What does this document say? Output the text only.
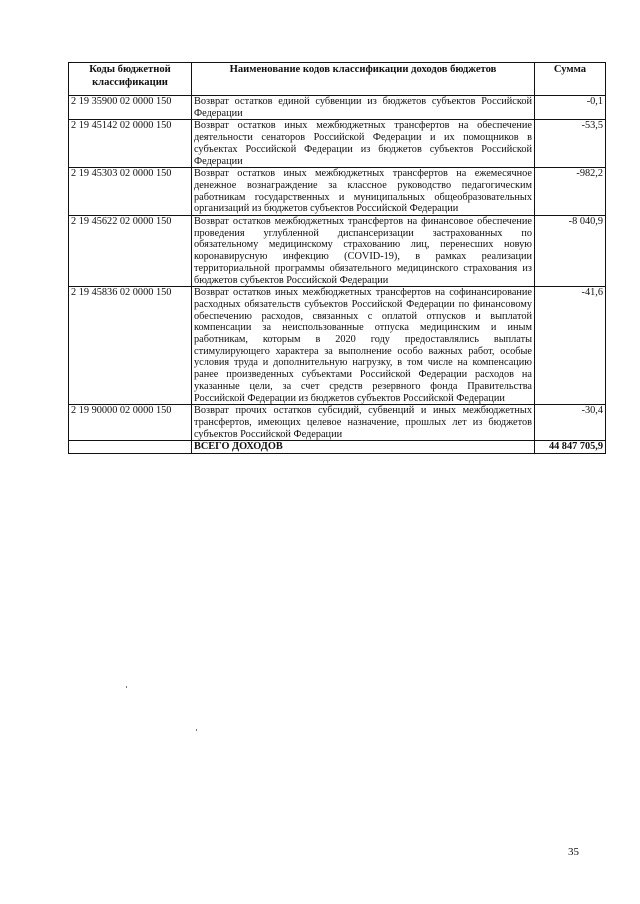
Коды бюджетной классификации	Наименование кодов классификации доходов бюджетов	Сумма
2 19 35900 02 0000 150	Возврат остатков единой субвенции из бюджетов субъектов Российской Федерации	-0,1
2 19 45142 02 0000 150	Возврат остатков иных межбюджетных трансфертов на обеспечение деятельности сенаторов Российской Федерации и их помощников в субъектах Российской Федерации из бюджетов субъектов Российской Федерации	-53,5
2 19 45303 02 0000 150	Возврат остатков иных межбюджетных трансфертов на ежемесячное денежное вознаграждение за классное руководство педагогическим работникам государственных и муниципальных общеобразовательных организаций из бюджетов субъектов Российской Федерации	-982,2
2 19 45622 02 0000 150	Возврат остатков межбюджетных трансфертов на финансовое обеспечение проведения углубленной диспансеризации застрахованных по обязательному медицинскому страхованию лиц, перенесших новую коронавирусную инфекцию (COVID-19), в рамках реализации территориальной программы обязательного медицинского страхования из бюджетов субъектов Российской Федерации	-8 040,9
2 19 45836 02 0000 150	Возврат остатков иных межбюджетных трансфертов на софинансирование расходных обязательств субъектов Российской Федерации по финансовому обеспечению расходов, связанных с оплатой отпусков и выплатой компенсации за неиспользованные отпуска медицинским и иным работникам, которым в 2020 году предоставлялись выплаты стимулирующего характера за выполнение особо важных работ, особые условия труда и дополнительную нагрузку, в том числе на компенсацию ранее произведенных субъектами Российской Федерации расходов на указанные цели, за счет средств резервного фонда Правительства Российской Федерации из бюджетов субъектов Российской Федерации	-41,6
2 19 90000 02 0000 150	Возврат прочих остатков субсидий, субвенций и иных межбюджетных трансфертов, имеющих целевое назначение, прошлых лет из бюджетов субъектов Российской Федерации	-30,4
	ВСЕГО ДОХОДОВ	44 847 705,9
35
